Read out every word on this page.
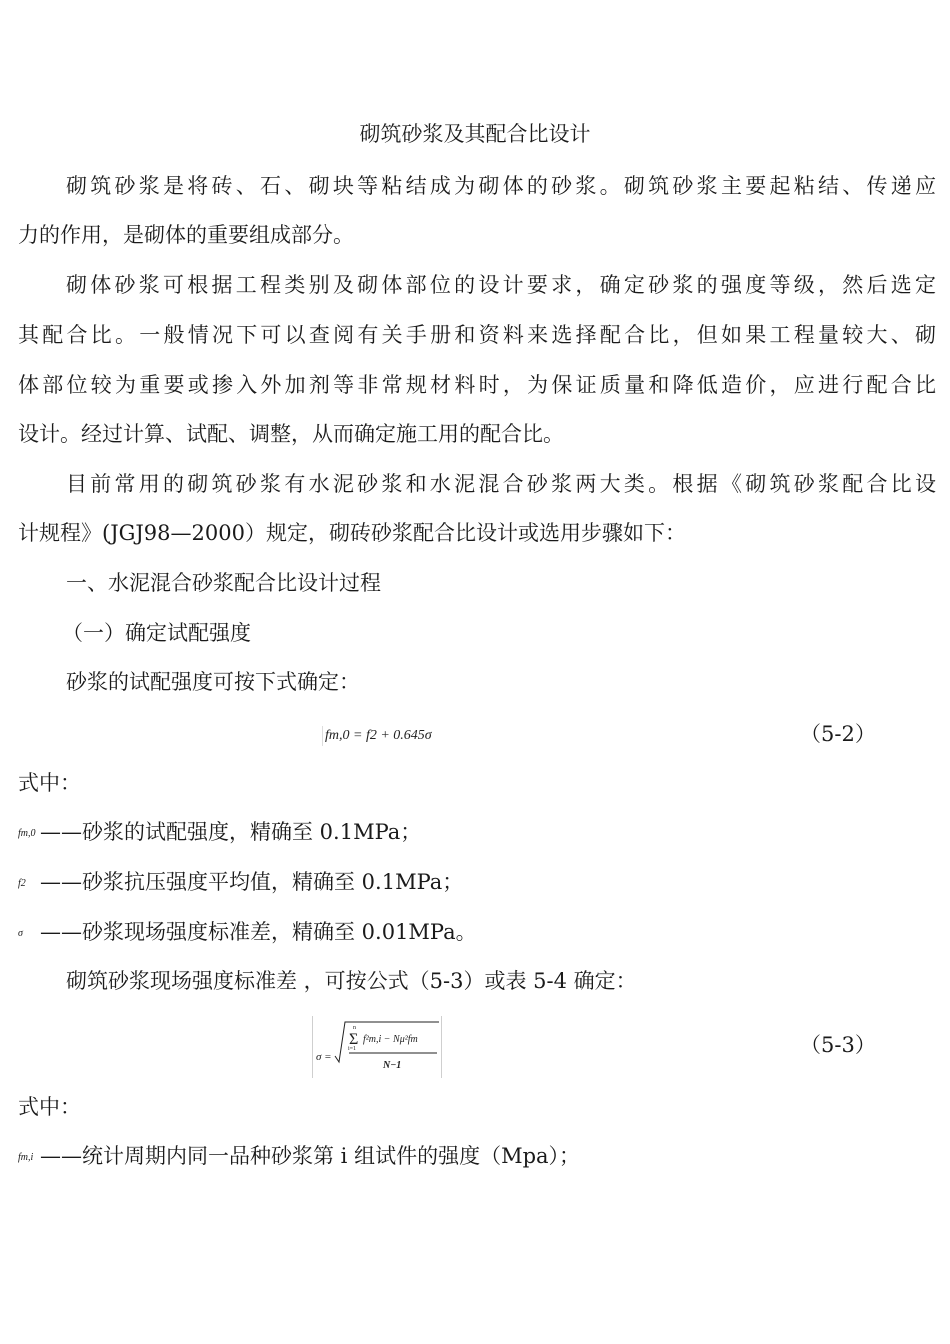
砌筑砂浆及其配合比设计
砌筑砂浆是将砖、石、砌块等粘结成为砌体的砂浆。砌筑砂浆主要起粘结、传递应
力的作用，是砌体的重要组成部分。
砌体砂浆可根据工程类别及砌体部位的设计要求，确定砂浆的强度等级，然后选定
其配合比。一般情况下可以查阅有关手册和资料来选择配合比，但如果工程量较大、砌
体部位较为重要或掺入外加剂等非常规材料时，为保证质量和降低造价，应进行配合比
设计。经过计算、试配、调整，从而确定施工用的配合比。
目前常用的砌筑砂浆有水泥砂浆和水泥混合砂浆两大类。根据《砌筑砂浆配合比设
计规程》(JGJ98—2000）规定，砌砖砂浆配合比设计或选用步骤如下：
一、水泥混合砂浆配合比设计过程
（一）确定试配强度
砂浆的试配强度可按下式确定：
fm,0 = f2 + 0.645σ	（5-2）
式中：
fm,0 ——砂浆的试配强度，精确至 0.1MPa；
f2 ——砂浆抗压强度平均值，精确至 0.1MPa；
σ ——砂浆现场强度标准差，精确至 0.01MPa。
砌筑砂浆现场强度标准差 ，可按公式（5-3）或表 5-4 确定：
σ =
n
Σ
i=1
f²m,i − Nμ²fm
N−1
（5-3）
式中：
fm,i ——统计周期内同一品种砂浆第 i 组试件的强度（Mpa）；
